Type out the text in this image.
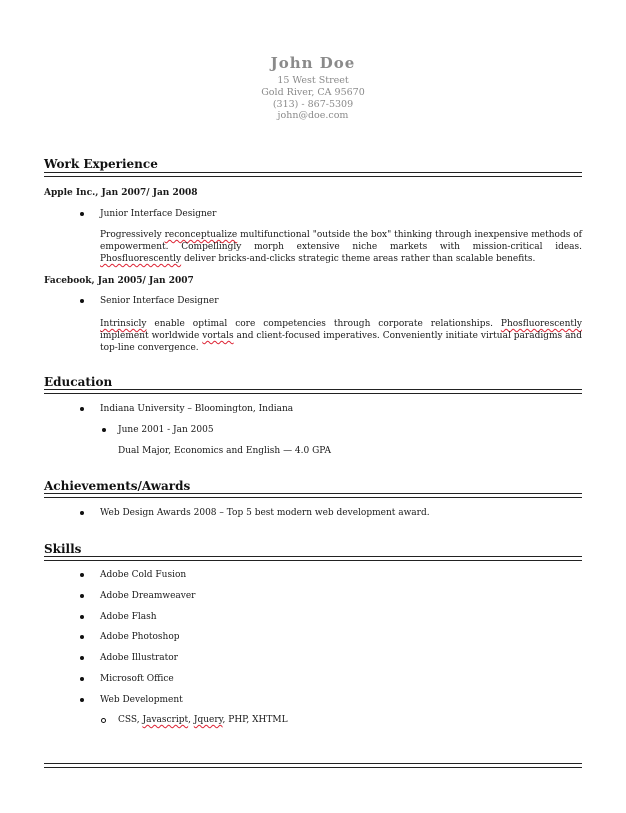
John Doe
15 West Street
Gold River, CA 95670
(313) - 867-5309
john@doe.com
Work Experience
Apple Inc., Jan 2007/ Jan 2008
Junior Interface Designer
Progressively reconceptualize multifunctional "outside the box" thinking through inexpensive methods of empowerment. Compellingly morph extensive niche markets with mission-critical ideas. Phosfluorescently deliver bricks-and-clicks strategic theme areas rather than scalable benefits.
Facebook, Jan 2005/ Jan 2007
Senior Interface Designer
Intrinsicly enable optimal core competencies through corporate relationships. Phosfluorescently implement worldwide vortals and client-focused imperatives. Conveniently initiate virtual paradigms and top-line convergence.
Education
Indiana University – Bloomington, Indiana
June 2001 - Jan 2005
Dual Major, Economics and English — 4.0 GPA
Achievements/Awards
Web Design Awards 2008 – Top 5 best modern web development award.
Skills
Adobe Cold Fusion
Adobe Dreamweaver
Adobe Flash
Adobe Photoshop
Adobe Illustrator
Microsoft Office
Web Development
CSS, Javascript, Jquery, PHP, XHTML
